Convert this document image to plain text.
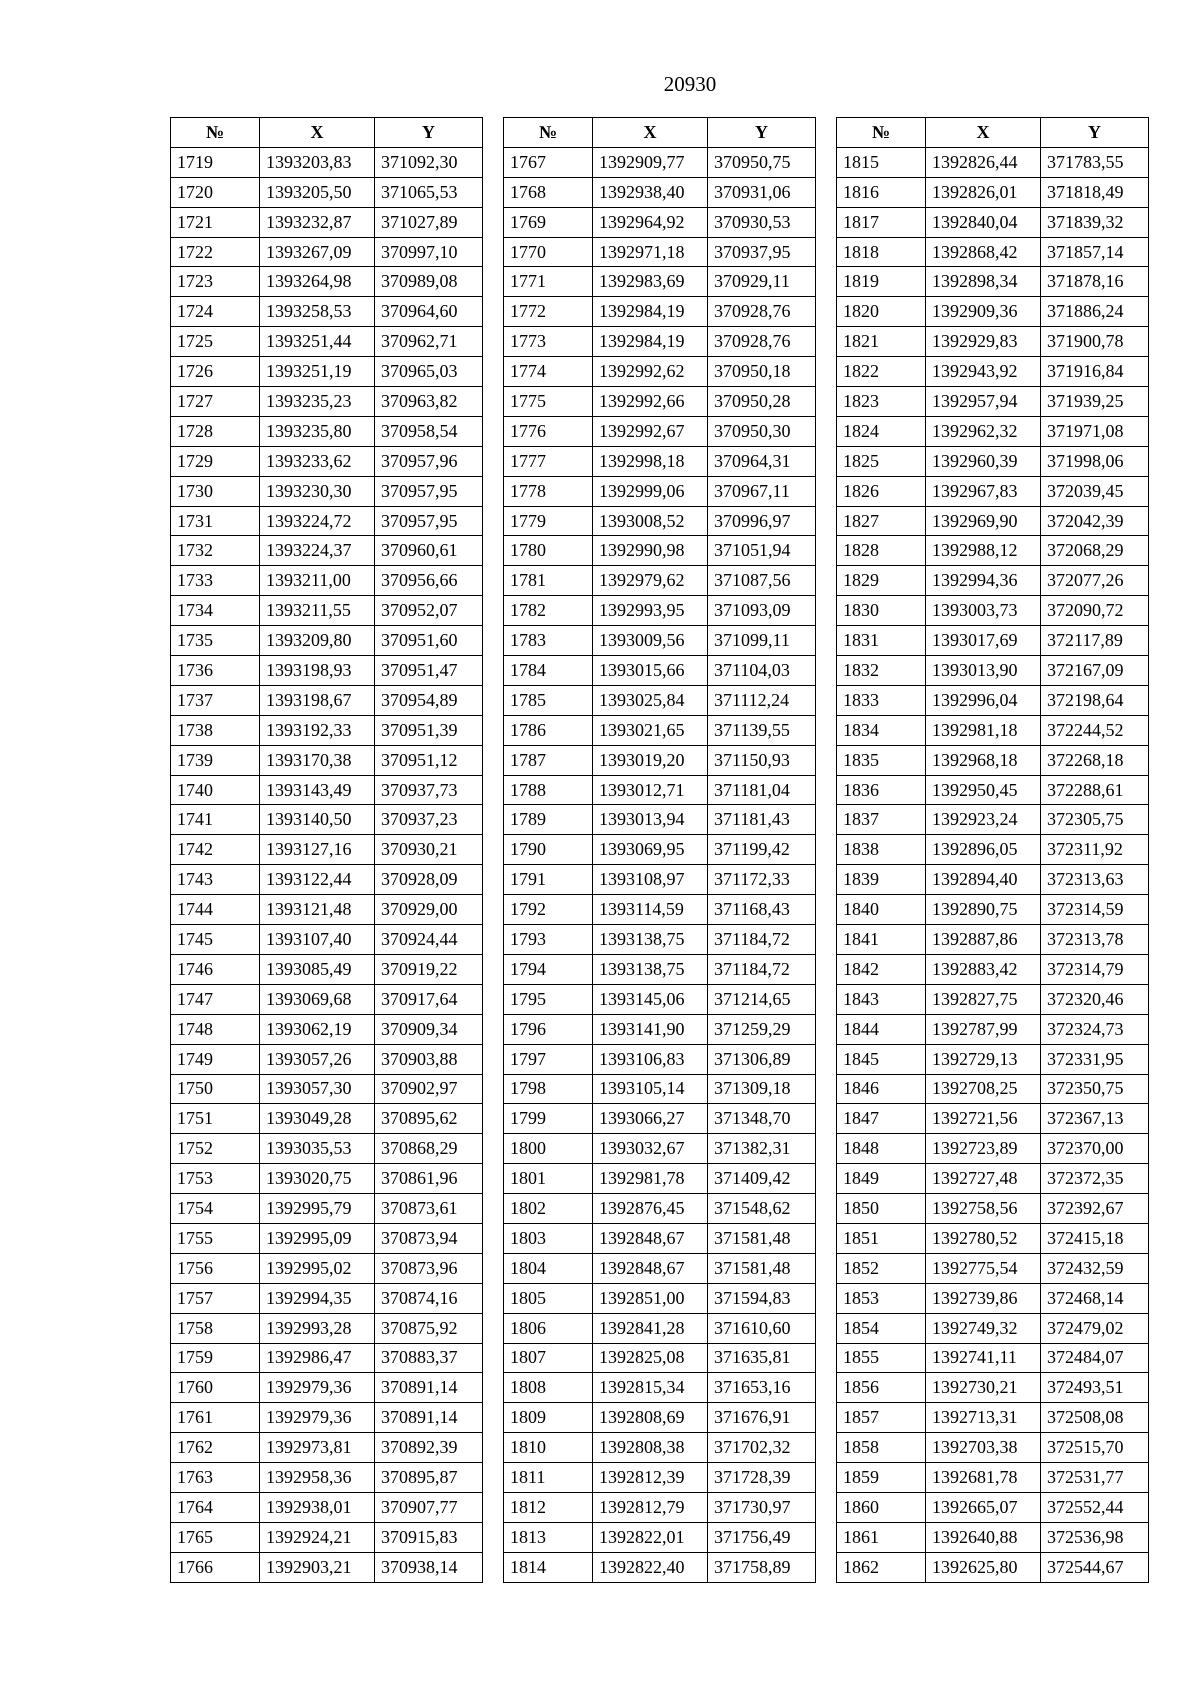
20930
№	X	Y
1719	1393203,83	371092,30
1720	1393205,50	371065,53
1721	1393232,87	371027,89
1722	1393267,09	370997,10
1723	1393264,98	370989,08
1724	1393258,53	370964,60
1725	1393251,44	370962,71
1726	1393251,19	370965,03
1727	1393235,23	370963,82
1728	1393235,80	370958,54
1729	1393233,62	370957,96
1730	1393230,30	370957,95
1731	1393224,72	370957,95
1732	1393224,37	370960,61
1733	1393211,00	370956,66
1734	1393211,55	370952,07
1735	1393209,80	370951,60
1736	1393198,93	370951,47
1737	1393198,67	370954,89
1738	1393192,33	370951,39
1739	1393170,38	370951,12
1740	1393143,49	370937,73
1741	1393140,50	370937,23
1742	1393127,16	370930,21
1743	1393122,44	370928,09
1744	1393121,48	370929,00
1745	1393107,40	370924,44
1746	1393085,49	370919,22
1747	1393069,68	370917,64
1748	1393062,19	370909,34
1749	1393057,26	370903,88
1750	1393057,30	370902,97
1751	1393049,28	370895,62
1752	1393035,53	370868,29
1753	1393020,75	370861,96
1754	1392995,79	370873,61
1755	1392995,09	370873,94
1756	1392995,02	370873,96
1757	1392994,35	370874,16
1758	1392993,28	370875,92
1759	1392986,47	370883,37
1760	1392979,36	370891,14
1761	1392979,36	370891,14
1762	1392973,81	370892,39
1763	1392958,36	370895,87
1764	1392938,01	370907,77
1765	1392924,21	370915,83
1766	1392903,21	370938,14
№	X	Y
1767	1392909,77	370950,75
1768	1392938,40	370931,06
1769	1392964,92	370930,53
1770	1392971,18	370937,95
1771	1392983,69	370929,11
1772	1392984,19	370928,76
1773	1392984,19	370928,76
1774	1392992,62	370950,18
1775	1392992,66	370950,28
1776	1392992,67	370950,30
1777	1392998,18	370964,31
1778	1392999,06	370967,11
1779	1393008,52	370996,97
1780	1392990,98	371051,94
1781	1392979,62	371087,56
1782	1392993,95	371093,09
1783	1393009,56	371099,11
1784	1393015,66	371104,03
1785	1393025,84	371112,24
1786	1393021,65	371139,55
1787	1393019,20	371150,93
1788	1393012,71	371181,04
1789	1393013,94	371181,43
1790	1393069,95	371199,42
1791	1393108,97	371172,33
1792	1393114,59	371168,43
1793	1393138,75	371184,72
1794	1393138,75	371184,72
1795	1393145,06	371214,65
1796	1393141,90	371259,29
1797	1393106,83	371306,89
1798	1393105,14	371309,18
1799	1393066,27	371348,70
1800	1393032,67	371382,31
1801	1392981,78	371409,42
1802	1392876,45	371548,62
1803	1392848,67	371581,48
1804	1392848,67	371581,48
1805	1392851,00	371594,83
1806	1392841,28	371610,60
1807	1392825,08	371635,81
1808	1392815,34	371653,16
1809	1392808,69	371676,91
1810	1392808,38	371702,32
1811	1392812,39	371728,39
1812	1392812,79	371730,97
1813	1392822,01	371756,49
1814	1392822,40	371758,89
№	X	Y
1815	1392826,44	371783,55
1816	1392826,01	371818,49
1817	1392840,04	371839,32
1818	1392868,42	371857,14
1819	1392898,34	371878,16
1820	1392909,36	371886,24
1821	1392929,83	371900,78
1822	1392943,92	371916,84
1823	1392957,94	371939,25
1824	1392962,32	371971,08
1825	1392960,39	371998,06
1826	1392967,83	372039,45
1827	1392969,90	372042,39
1828	1392988,12	372068,29
1829	1392994,36	372077,26
1830	1393003,73	372090,72
1831	1393017,69	372117,89
1832	1393013,90	372167,09
1833	1392996,04	372198,64
1834	1392981,18	372244,52
1835	1392968,18	372268,18
1836	1392950,45	372288,61
1837	1392923,24	372305,75
1838	1392896,05	372311,92
1839	1392894,40	372313,63
1840	1392890,75	372314,59
1841	1392887,86	372313,78
1842	1392883,42	372314,79
1843	1392827,75	372320,46
1844	1392787,99	372324,73
1845	1392729,13	372331,95
1846	1392708,25	372350,75
1847	1392721,56	372367,13
1848	1392723,89	372370,00
1849	1392727,48	372372,35
1850	1392758,56	372392,67
1851	1392780,52	372415,18
1852	1392775,54	372432,59
1853	1392739,86	372468,14
1854	1392749,32	372479,02
1855	1392741,11	372484,07
1856	1392730,21	372493,51
1857	1392713,31	372508,08
1858	1392703,38	372515,70
1859	1392681,78	372531,77
1860	1392665,07	372552,44
1861	1392640,88	372536,98
1862	1392625,80	372544,67
